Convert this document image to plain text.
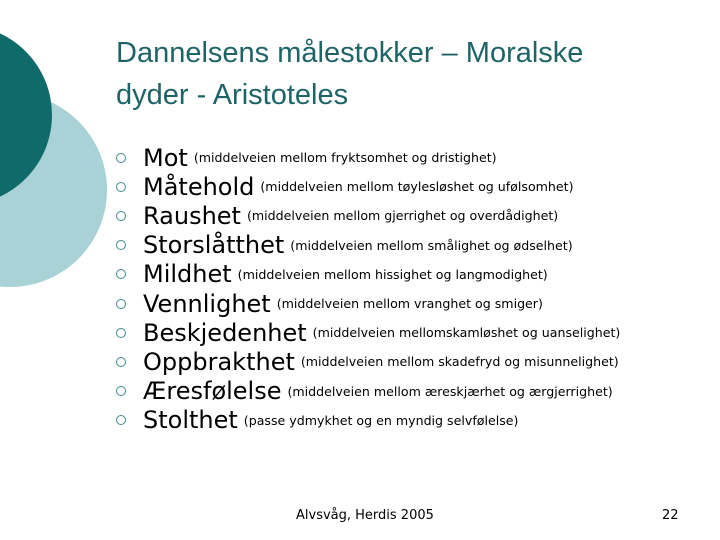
Dannelsens målestokker – Moralske
dyder - Aristoteles
Mot (middelveien mellom fryktsomhet og dristighet)
Måtehold (middelveien mellom tøylesløshet og ufølsomhet)
Raushet (middelveien mellom gjerrighet og overdådighet)
Storslåtthet (middelveien mellom smålighet og ødselhet)
Mildhet (middelveien mellom hissighet og langmodighet)
Vennlighet (middelveien mellom vranghet og smiger)
Beskjedenhet (middelveien mellomskamløshet og uanselighet)
Oppbrakthet (middelveien mellom skadefryd og misunnelighet)
Æresfølelse (middelveien mellom æreskjærhet og ærgjerrighet)
Stolthet (passe ydmykhet og en myndig selvfølelse)
Alvsvåg, Herdis 2005	22
